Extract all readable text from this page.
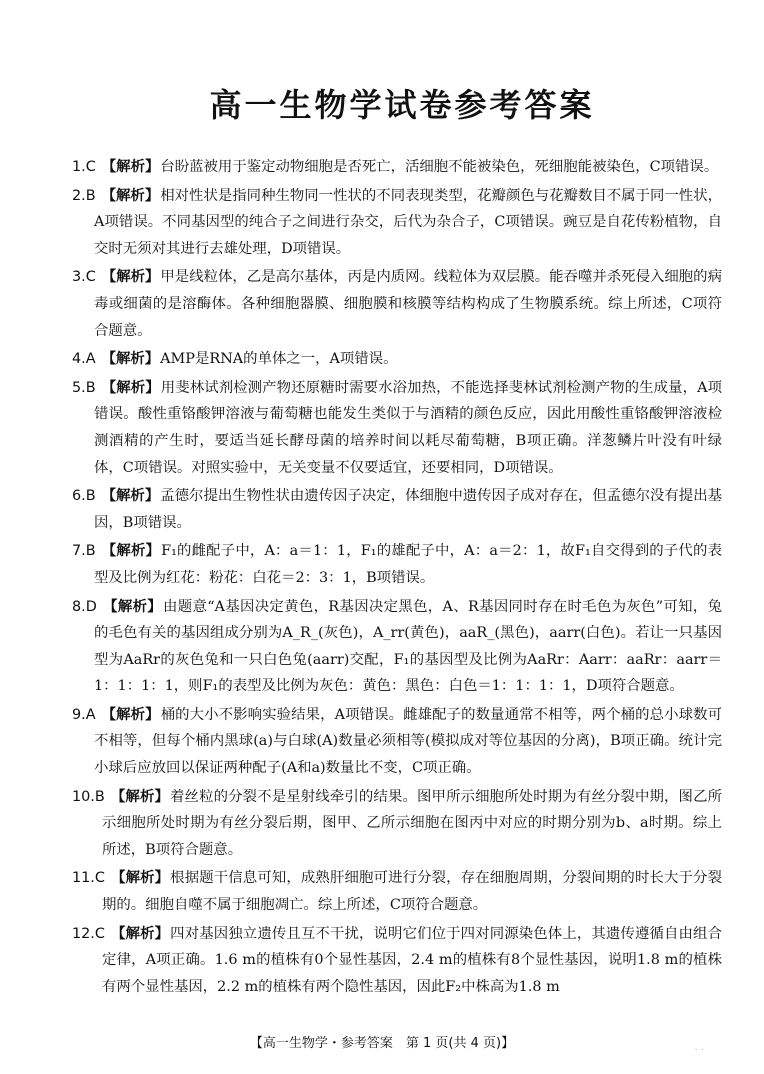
高一生物学试卷参考答案
1.C 【解析】台盼蓝被用于鉴定动物细胞是否死亡，活细胞不能被染色，死细胞能被染色，C项错误。
2.B 【解析】相对性状是指同种生物同一性状的不同表现类型，花瓣颜色与花瓣数目不属于同一性状，A项错误。不同基因型的纯合子之间进行杂交，后代为杂合子，C项错误。豌豆是自花传粉植物，自交时无须对其进行去雄处理，D项错误。
3.C 【解析】甲是线粒体，乙是高尔基体，丙是内质网。线粒体为双层膜。能吞噬并杀死侵入细胞的病毒或细菌的是溶酶体。各种细胞器膜、细胞膜和核膜等结构构成了生物膜系统。综上所述，C项符合题意。
4.A 【解析】AMP是RNA的单体之一，A项错误。
5.B 【解析】用斐林试剂检测产物还原糖时需要水浴加热，不能选择斐林试剂检测产物的生成量，A项错误。酸性重铬酸钾溶液与葡萄糖也能发生类似于与酒精的颜色反应，因此用酸性重铬酸钾溶液检测酒精的产生时，要适当延长酵母菌的培养时间以耗尽葡萄糖，B项正确。洋葱鳞片叶没有叶绿体，C项错误。对照实验中，无关变量不仅要适宜，还要相同，D项错误。
6.B 【解析】孟德尔提出生物性状由遗传因子决定，体细胞中遗传因子成对存在，但孟德尔没有提出基因，B项错误。
7.B 【解析】F₁的雌配子中，A：a＝1：1，F₁的雄配子中，A：a＝2：1，故F₁自交得到的子代的表型及比例为红花：粉花：白花＝2：3：1，B项错误。
8.D 【解析】由题意“A基因决定黄色，R基因决定黑色，A、R基因同时存在时毛色为灰色”可知，兔的毛色有关的基因组成分别为A_R_(灰色)，A_rr(黄色)，aaR_(黑色)，aarr(白色)。若让一只基因型为AaRr的灰色兔和一只白色兔(aarr)交配，F₁的基因型及比例为AaRr：Aarr：aaRr：aarr＝1：1：1：1，则F₁的表型及比例为灰色：黄色：黑色：白色＝1：1：1：1，D项符合题意。
9.A 【解析】桶的大小不影响实验结果，A项错误。雌雄配子的数量通常不相等，两个桶的总小球数可不相等，但每个桶内黑球(a)与白球(A)数量必须相等(模拟成对等位基因的分离)，B项正确。统计完小球后应放回以保证两种配子(A和a)数量比不变，C项正确。
10.B 【解析】着丝粒的分裂不是星射线牵引的结果。图甲所示细胞所处时期为有丝分裂中期，图乙所示细胞所处时期为有丝分裂后期，图甲、乙所示细胞在图丙中对应的时期分别为b、a时期。综上所述，B项符合题意。
11.C 【解析】根据题干信息可知，成熟肝细胞可进行分裂，存在细胞周期，分裂间期的时长大于分裂期的。细胞自噬不属于细胞凋亡。综上所述，C项符合题意。
12.C 【解析】四对基因独立遗传且互不干扰，说明它们位于四对同源染色体上，其遗传遵循自由组合定律，A项正确。1.6 m的植株有0个显性基因，2.4 m的植株有8个显性基因，说明1.8 m的植株有两个显性基因，2.2 m的植株有两个隐性基因，因此F₂中株高为1.8 m
【高一生物学・参考答案　第 1 页(共 4 页)】	. .
